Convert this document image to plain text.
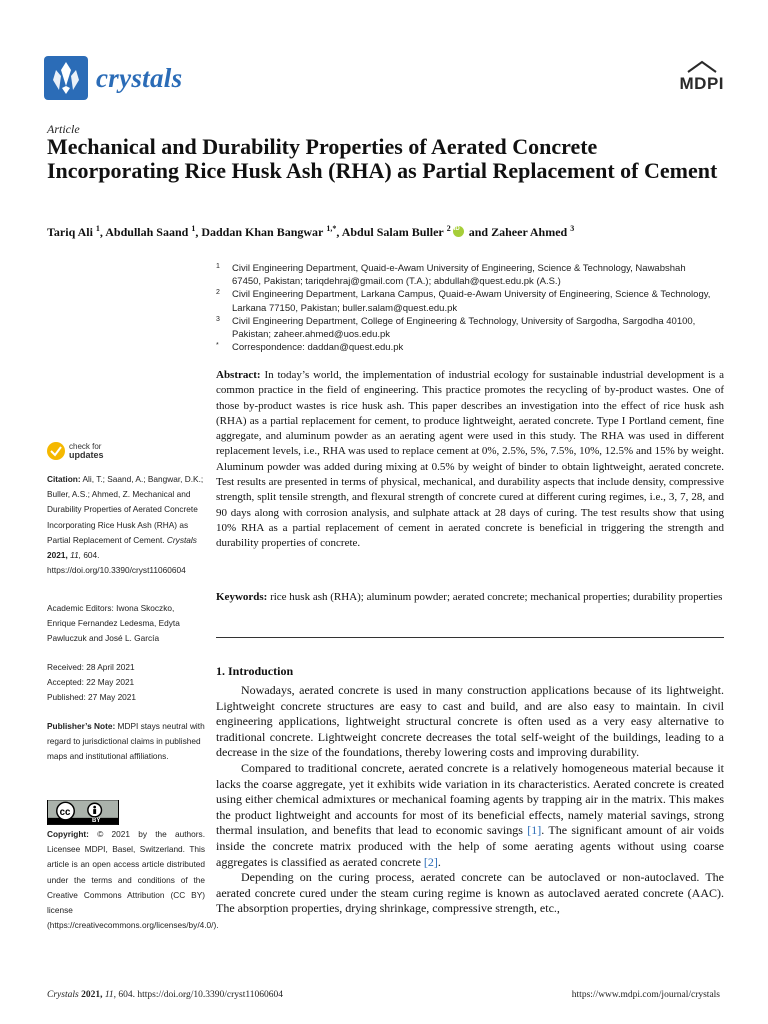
crystals	MDPI
Article
Mechanical and Durability Properties of Aerated Concrete Incorporating Rice Husk Ash (RHA) as Partial Replacement of Cement
Tariq Ali $^1$, Abdullah Saand $^1$, Daddan Khan Bangwar $^{1,*}$, Abdul Salam Buller $^2$iD and Zaheer Ahmed $^3$
1 Civil Engineering Department, Quaid-e-Awam University of Engineering, Science & Technology, Nawabshah 67450, Pakistan; tariqdehraj@gmail.com (T.A.); abdullah@quest.edu.pk (A.S.)
2 Civil Engineering Department, Larkana Campus, Quaid-e-Awam University of Engineering, Science & Technology, Larkana 77150, Pakistan; buller.salam@quest.edu.pk
3 Civil Engineering Department, College of Engineering & Technology, University of Sargodha, Sargodha 40100, Pakistan; zaheer.ahmed@uos.edu.pk
* Correspondence: daddan@quest.edu.pk
Abstract: In today’s world, the implementation of industrial ecology for sustainable industrial development is a common practice in the field of engineering. This practice promotes the recycling of by-product wastes. One of those by-product wastes is rice husk ash. This paper describes an investigation into the effect of rice husk ash (RHA) as a partial replacement for cement, to produce lightweight, aerated concrete. Type I Portland cement, fine aggregate, and aluminum powder as an aerating agent were used in this study. The RHA was used in different replacement levels, i.e., RHA was used to replace cement at 0%, 2.5%, 5%, 7.5%, 10%, 12.5% and 15% by weight. Aluminum powder was added during mixing at 0.5% by weight of binder to obtain lightweight, aerated concrete. Test results are presented in terms of physical, mechanical, and durability aspects that include density, compressive strength, split tensile strength, and flexural strength of concrete cured at different curing regimes, i.e., 3, 7, 28, and 90 days along with corrosion analysis, and sulphate attack at 28 days of curing. The test results show that using 10% RHA as a partial replacement of cement in aerated concrete is beneficial in triggering the strength and durability properties of concrete.
Keywords: rice husk ash (RHA); aluminum powder; aerated concrete; mechanical properties; durability properties
check for
updates
Citation: Ali, T.; Saand, A.; Bangwar, D.K.; Buller, A.S.; Ahmed, Z. Mechanical and Durability Properties of Aerated Concrete Incorporating Rice Husk Ash (RHA) as Partial Replacement of Cement. Crystals 2021, 11, 604. https://doi.org/10.3390/cryst11060604
Academic Editors: Iwona Skoczko, Enrique Fernandez Ledesma, Edyta Pawluczuk and José L. García
Received: 28 April 2021
Accepted: 22 May 2021
Published: 27 May 2021
Publisher’s Note: MDPI stays neutral with regard to jurisdictional claims in published maps and institutional affiliations.
cc
BY
Copyright: © 2021 by the authors. Licensee MDPI, Basel, Switzerland. This article is an open access article distributed under the terms and conditions of the Creative Commons Attribution (CC BY) license (https://creativecommons.org/licenses/by/4.0/).
1. Introduction

Nowadays, aerated concrete is used in many construction applications because of its lightweight. Lightweight concrete structures are easy to cast and build, and are also easy to maintain. In civil engineering applications, lightweight structural concrete is often used as a very easy alternative to traditional concrete. Lightweight concrete decreases the total self-weight of the buildings, leading to a decrease in the size of the foundations, thereby lowering costs and improving durability.

Compared to traditional concrete, aerated concrete is a relatively homogeneous material because it lacks the coarse aggregate, yet it exhibits wide variation in its characteristics. Aerated concrete is created using either chemical admixtures or mechanical foaming agents by trapping air in the matrix. This makes the product lightweight and accounts for most of its beneficial effects, namely material savings, strong thermal insulation, and benefits that lead to economic savings [1]. The significant amount of air voids inside the concrete matrix produced with the help of some aerating agents without using coarse aggregates is classified as aerated concrete [2].

Depending on the curing process, aerated concrete can be autoclaved or non-autoclaved. The aerated concrete cured under the steam curing regime is known as autoclaved aerated concrete (AAC). The absorption properties, drying shrinkage, compressive strength, etc.,

Crystals 2021, 11, 604. https://doi.org/10.3390/cryst11060604	https://www.mdpi.com/journal/crystals
